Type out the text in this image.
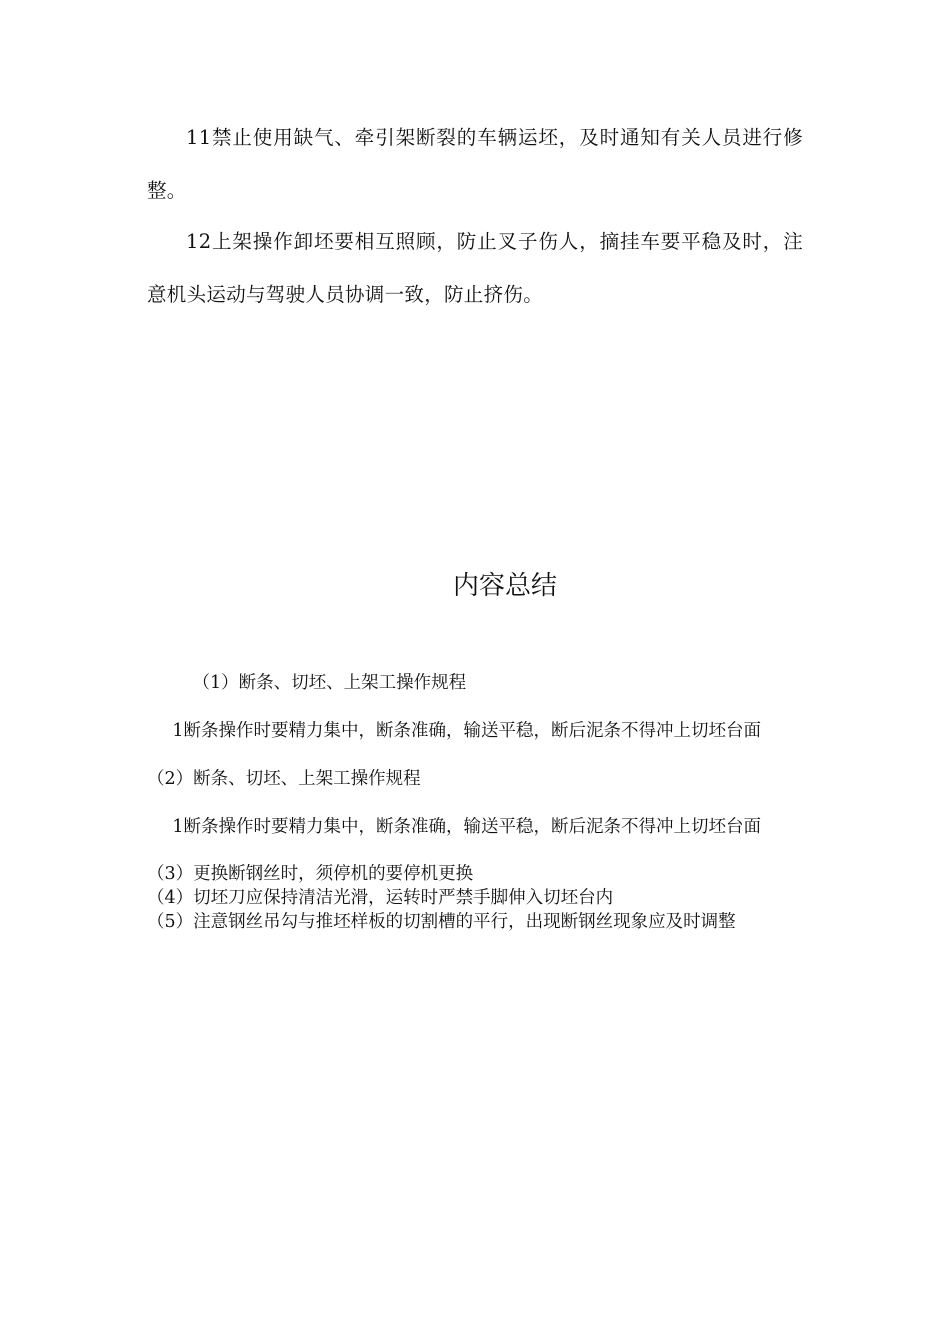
11禁止使用缺气、牵引架断裂的车辆运坯，及时通知有关人员进行修整。

12上架操作卸坯要相互照顾，防止叉子伤人，摘挂车要平稳及时，注意机头运动与驾驶人员协调一致，防止挤伤。

内容总结

（1）断条、切坯、上架工操作规程

1断条操作时要精力集中，断条准确，输送平稳，断后泥条不得冲上切坯台面

（2）断条、切坯、上架工操作规程

1断条操作时要精力集中，断条准确，输送平稳，断后泥条不得冲上切坯台面

（3）更换断钢丝时，须停机的要停机更换

（4）切坯刀应保持清洁光滑，运转时严禁手脚伸入切坯台内

（5）注意钢丝吊勾与推坯样板的切割槽的平行，出现断钢丝现象应及时调整
